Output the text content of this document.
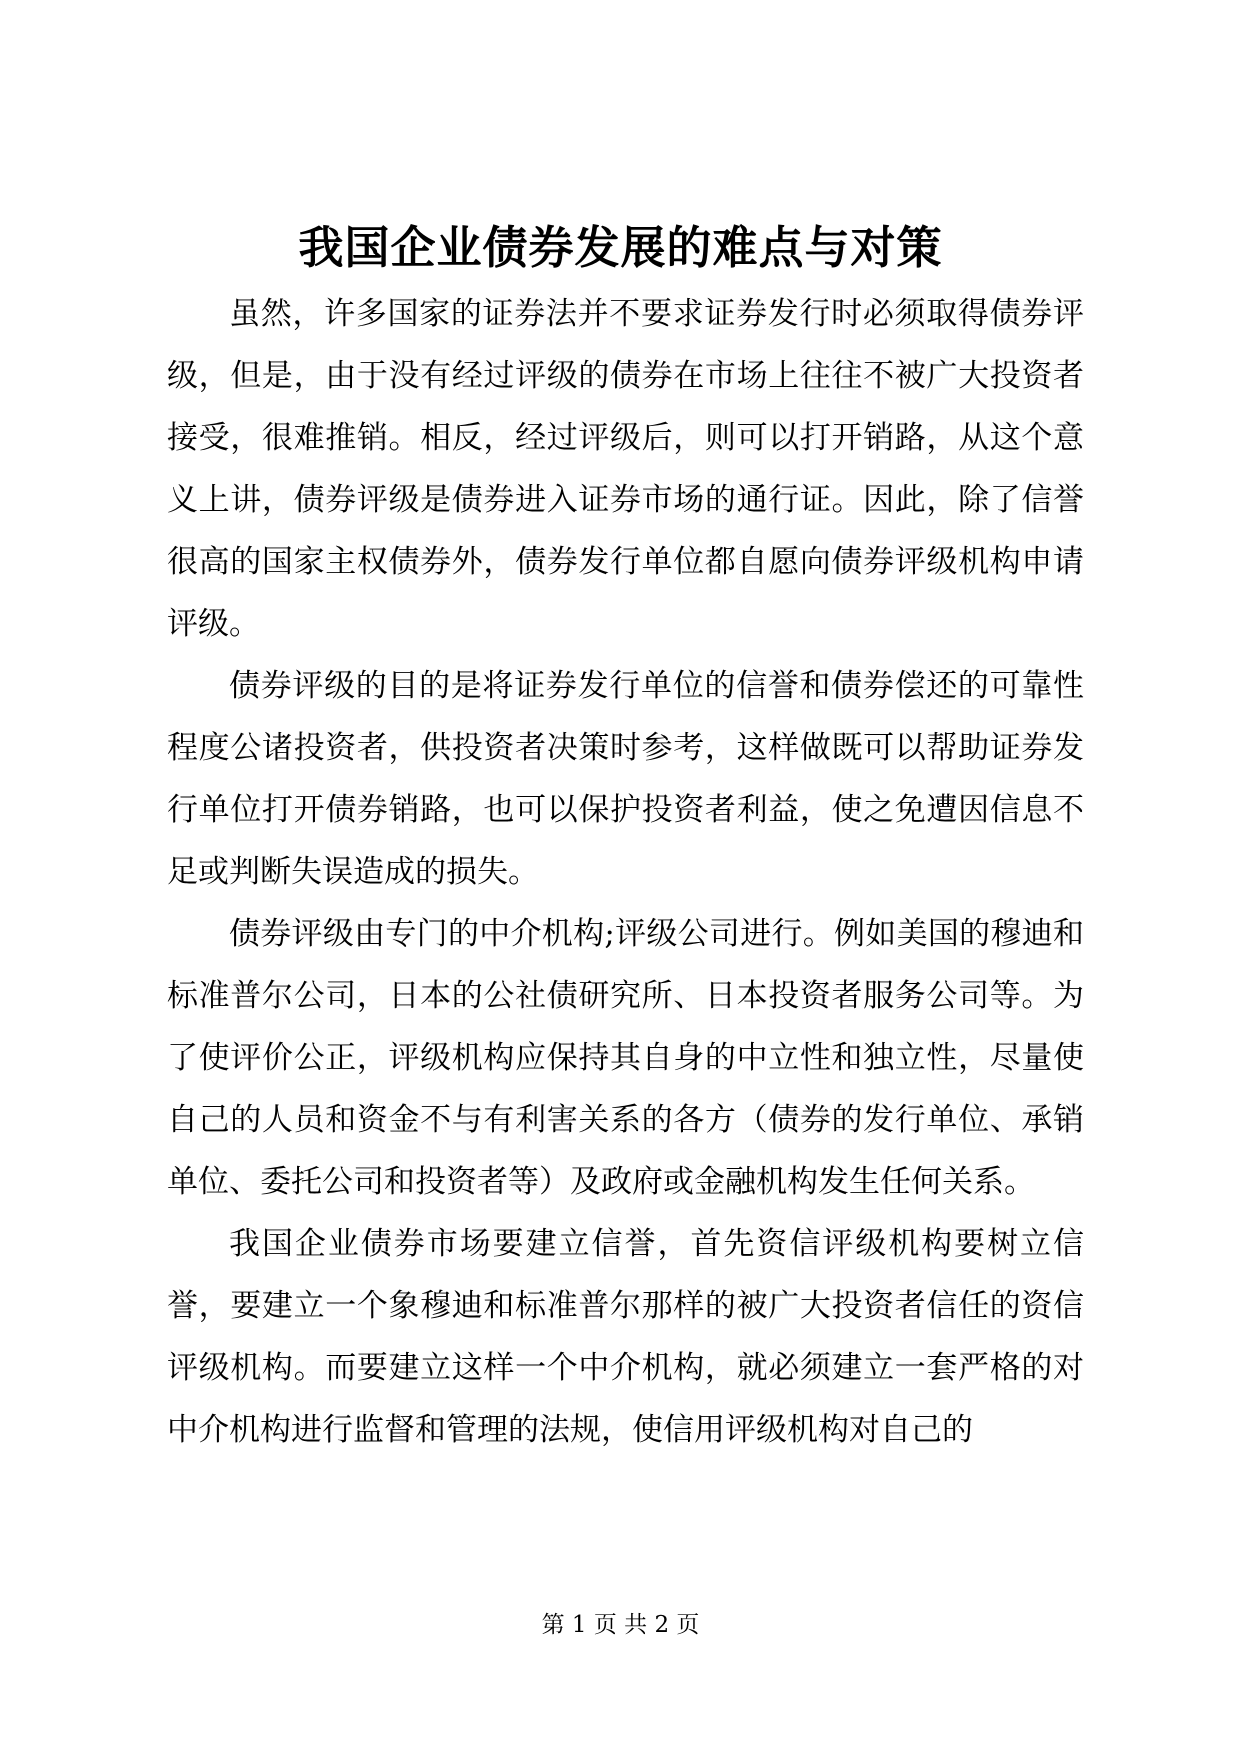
我国企业债券发展的难点与对策

虽然，许多国家的证券法并不要求证券发行时必须取得债券评级，但是，由于没有经过评级的债券在市场上往往不被广大投资者接受，很难推销。相反，经过评级后，则可以打开销路，从这个意义上讲，债券评级是债券进入证券市场的通行证。因此，除了信誉很高的国家主权债券外，债券发行单位都自愿向债券评级机构申请评级。

债券评级的目的是将证券发行单位的信誉和债券偿还的可靠性程度公诸投资者，供投资者决策时参考，这样做既可以帮助证券发行单位打开债券销路，也可以保护投资者利益，使之免遭因信息不足或判断失误造成的损失。

债券评级由专门的中介机构;评级公司进行。例如美国的穆迪和标准普尔公司，日本的公社债研究所、日本投资者服务公司等。为了使评价公正，评级机构应保持其自身的中立性和独立性，尽量使自己的人员和资金不与有利害关系的各方（债券的发行单位、承销单位、委托公司和投资者等）及政府或金融机构发生任何关系。

我国企业债券市场要建立信誉，首先资信评级机构要树立信誉，要建立一个象穆迪和标准普尔那样的被广大投资者信任的资信评级机构。而要建立这样一个中介机构，就必须建立一套严格的对中介机构进行监督和管理的法规，使信用评级机构对自己的

第 1 页 共 2 页
